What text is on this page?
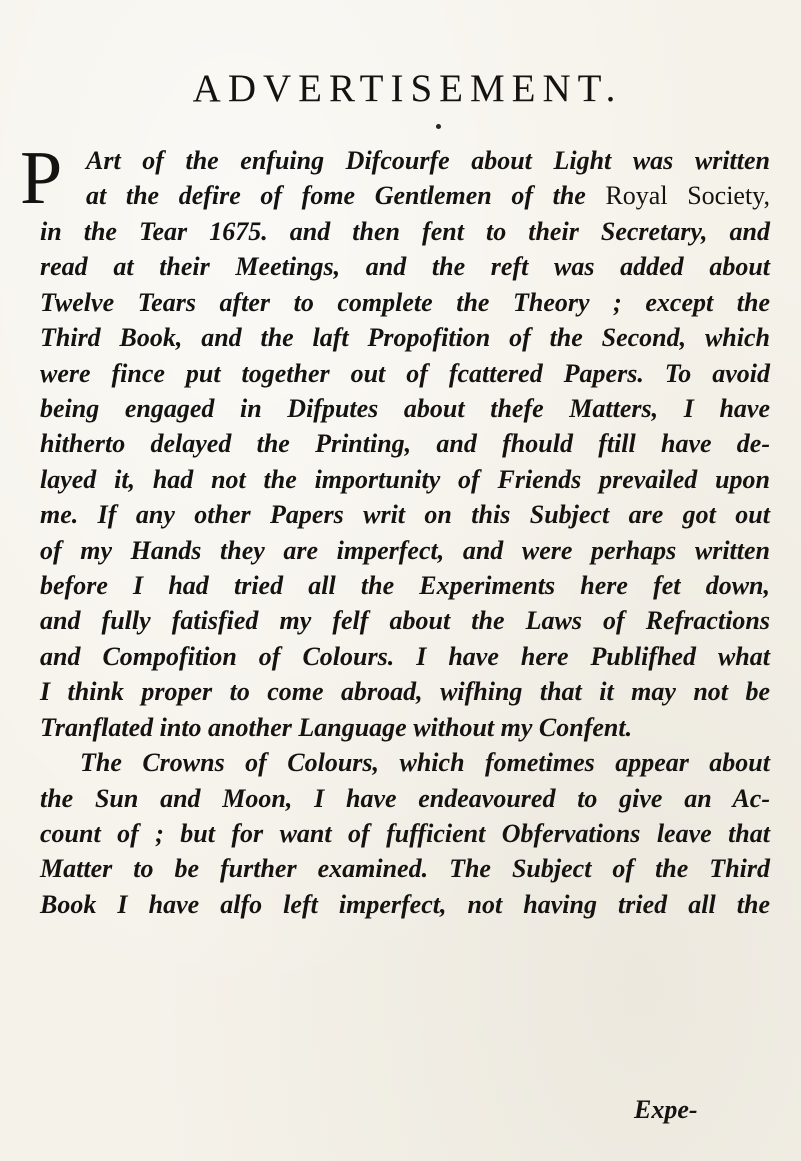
ADVERTISEMENT.
P Art of the enfuing Difcourfe about Light was written
at the defire of fome Gentlemen of the Royal Society,
in the Tear 1675. and then fent to their Secretary, and
read at their Meetings, and the reft was added about
Twelve Tears after to complete the Theory ; except the
Third Book, and the laft Propofition of the Second, which
were fince put together out of fcattered Papers. To avoid
being engaged in Difputes about thefe Matters, I have
hitherto delayed the Printing, and fhould ftill have de-
layed it, had not the importunity of Friends prevailed upon
me. If any other Papers writ on this Subject are got out
of my Hands they are imperfect, and were perhaps written
before I had tried all the Experiments here fet down,
and fully fatisfied my felf about the Laws of Refractions
and Compofition of Colours. I have here Publifhed what
I think proper to come abroad, wifhing that it may not be
Tranflated into another Language without my Confent.
The Crowns of Colours, which fometimes appear about
the Sun and Moon, I have endeavoured to give an Ac-
count of ; but for want of fufficient Obfervations leave that
Matter to be further examined. The Subject of the Third
Book I have alfo left imperfect, not having tried all the
Expe-
